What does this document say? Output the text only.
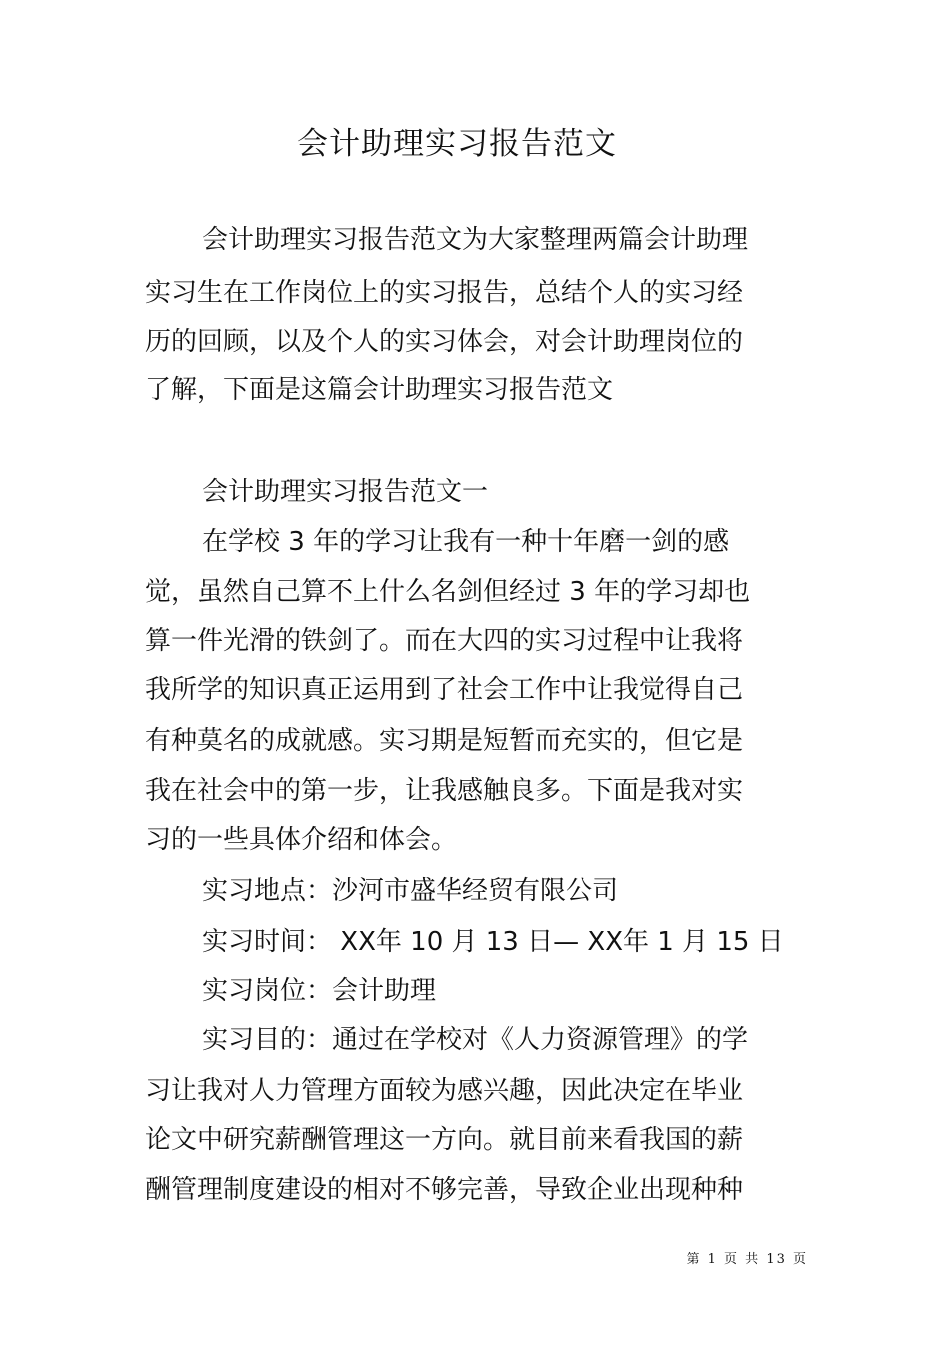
会计助理实习报告范文
会计助理实习报告范文为大家整理两篇会计助理
实习生在工作岗位上的实习报告，总结个人的实习经
历的回顾，以及个人的实习体会，对会计助理岗位的
了解，下面是这篇会计助理实习报告范文
会计助理实习报告范文一
在学校 3 年的学习让我有一种十年磨一剑的感
觉，虽然自己算不上什么名剑但经过 3 年的学习却也
算一件光滑的铁剑了。而在大四的实习过程中让我将
我所学的知识真正运用到了社会工作中让我觉得自己
有种莫名的成就感。实习期是短暂而充实的，但它是
我在社会中的第一步，让我感触良多。下面是我对实
习的一些具体介绍和体会。
实习地点：沙河市盛华经贸有限公司
实习时间： XX年 10 月 13 日— XX年 1 月 15 日
实习岗位：会计助理
实习目的：通过在学校对《人力资源管理》的学
习让我对人力管理方面较为感兴趣，因此决定在毕业
论文中研究薪酬管理这一方向。就目前来看我国的薪
酬管理制度建设的相对不够完善，导致企业出现种种
第 1 页 共 13 页
